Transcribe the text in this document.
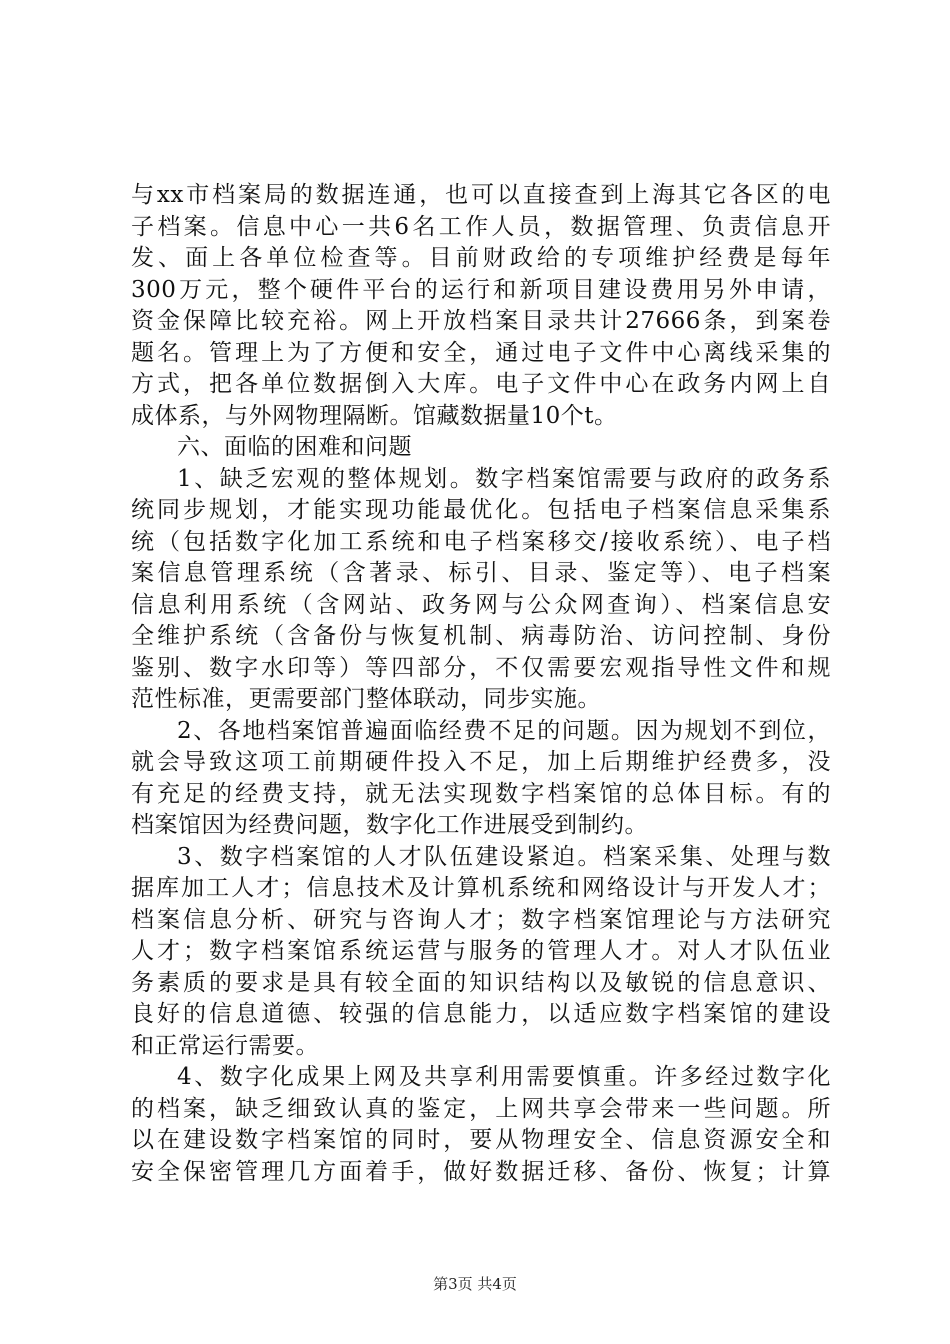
与xx市档案局的数据连通，也可以直接查到上海其它各区的电
子档案。信息中心一共6名工作人员，数据管理、负责信息开
发、面上各单位检查等。目前财政给的专项维护经费是每年
300万元，整个硬件平台的运行和新项目建设费用另外申请，
资金保障比较充裕。网上开放档案目录共计27666条，到案卷
题名。管理上为了方便和安全，通过电子文件中心离线采集的
方式，把各单位数据倒入大库。电子文件中心在政务内网上自
成体系，与外网物理隔断。馆藏数据量10个t。
六、面临的困难和问题
1、缺乏宏观的整体规划。数字档案馆需要与政府的政务系
统同步规划，才能实现功能最优化。包括电子档案信息采集系
统（包括数字化加工系统和电子档案移交/接收系统）、电子档
案信息管理系统（含著录、标引、目录、鉴定等）、电子档案
信息利用系统（含网站、政务网与公众网查询）、档案信息安
全维护系统（含备份与恢复机制、病毒防治、访问控制、身份
鉴别、数字水印等）等四部分，不仅需要宏观指导性文件和规
范性标准，更需要部门整体联动，同步实施。
2、各地档案馆普遍面临经费不足的问题。因为规划不到位，
就会导致这项工前期硬件投入不足，加上后期维护经费多，没
有充足的经费支持，就无法实现数字档案馆的总体目标。有的
档案馆因为经费问题，数字化工作进展受到制约。
3、数字档案馆的人才队伍建设紧迫。档案采集、处理与数
据库加工人才；信息技术及计算机系统和网络设计与开发人才；
档案信息分析、研究与咨询人才；数字档案馆理论与方法研究
人才；数字档案馆系统运营与服务的管理人才。对人才队伍业
务素质的要求是具有较全面的知识结构以及敏锐的信息意识、
良好的信息道德、较强的信息能力，以适应数字档案馆的建设
和正常运行需要。
4、数字化成果上网及共享利用需要慎重。许多经过数字化
的档案，缺乏细致认真的鉴定，上网共享会带来一些问题。所
以在建设数字档案馆的同时，要从物理安全、信息资源安全和
安全保密管理几方面着手，做好数据迁移、备份、恢复；计算
第3页 共4页
